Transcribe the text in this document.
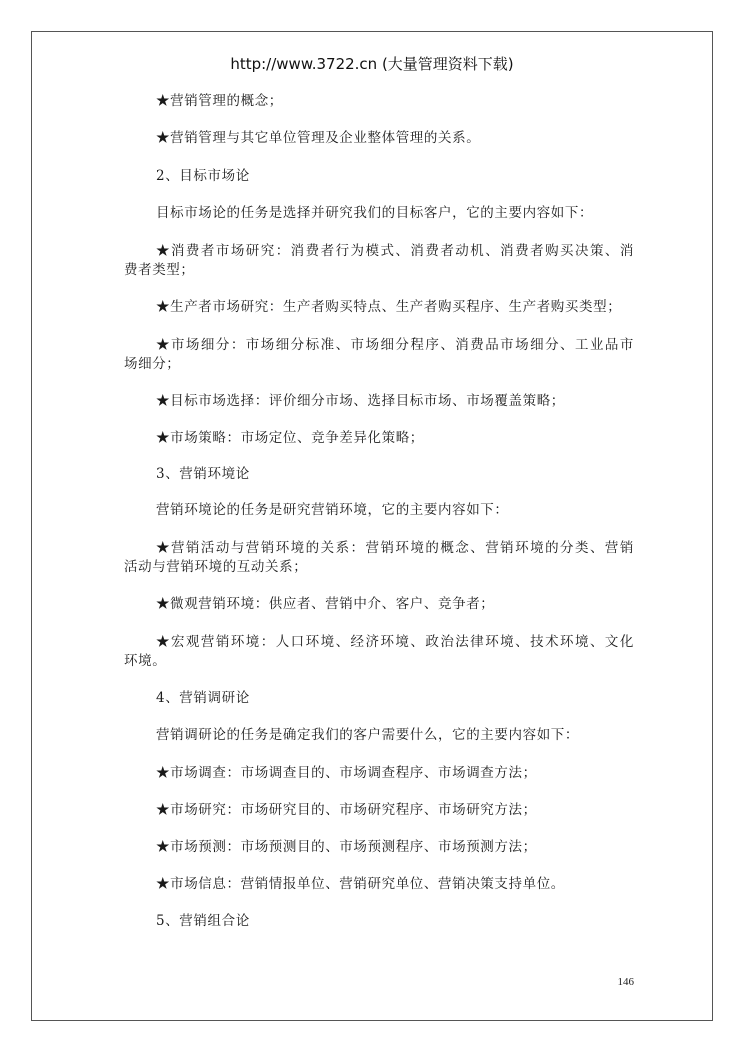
http://www.3722.cn (大量管理资料下载)
★营销管理的概念；
★营销管理与其它单位管理及企业整体管理的关系。
2、目标市场论
目标市场论的任务是选择并研究我们的目标客户，它的主要内容如下：
★消费者市场研究：消费者行为模式、消费者动机、消费者购买决策、消
费者类型；
★生产者市场研究：生产者购买特点、生产者购买程序、生产者购买类型；
★市场细分：市场细分标准、市场细分程序、消费品市场细分、工业品市
场细分；
★目标市场选择：评价细分市场、选择目标市场、市场覆盖策略；
★市场策略：市场定位、竞争差异化策略；
3、营销环境论
营销环境论的任务是研究营销环境，它的主要内容如下：
★营销活动与营销环境的关系：营销环境的概念、营销环境的分类、营销
活动与营销环境的互动关系；
★微观营销环境：供应者、营销中介、客户、竞争者；
★宏观营销环境：人口环境、经济环境、政治法律环境、技术环境、文化
环境。
4、营销调研论
营销调研论的任务是确定我们的客户需要什么，它的主要内容如下：
★市场调查：市场调查目的、市场调查程序、市场调查方法；
★市场研究：市场研究目的、市场研究程序、市场研究方法；
★市场预测：市场预测目的、市场预测程序、市场预测方法；
★市场信息：营销情报单位、营销研究单位、营销决策支持单位。
5、营销组合论
146
